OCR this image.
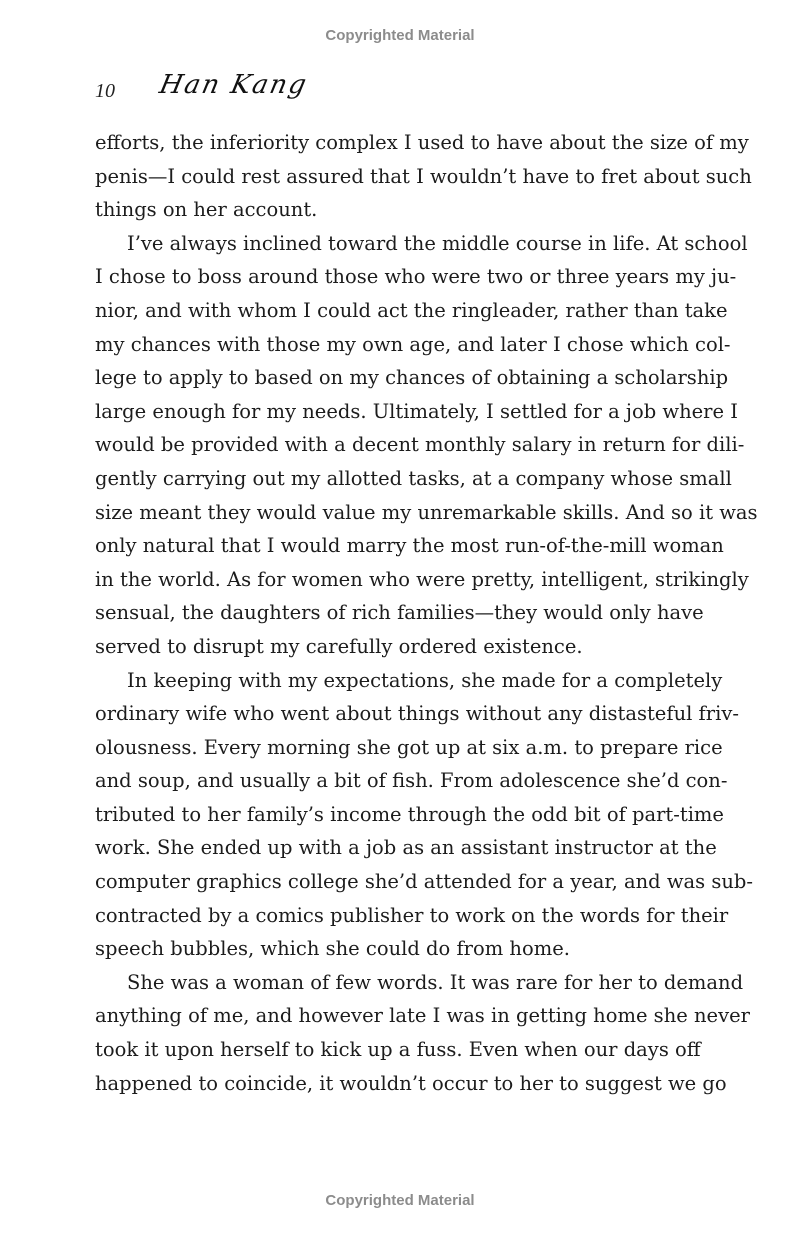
Copyrighted Material
10 Han Kang
efforts, the inferiority complex I used to have about the size of my
penis—I could rest assured that I wouldn’t have to fret about such
things on her account.
I’ve always inclined toward the middle course in life. At school
I chose to boss around those who were two or three years my ju-
nior, and with whom I could act the ringleader, rather than take
my chances with those my own age, and later I chose which col-
lege to apply to based on my chances of obtaining a scholarship
large enough for my needs. Ultimately, I settled for a job where I
would be provided with a decent monthly salary in return for dili-
gently carrying out my allotted tasks, at a company whose small
size meant they would value my unremarkable skills. And so it was
only natural that I would marry the most run-of-the-mill woman
in the world. As for women who were pretty, intelligent, strikingly
sensual, the daughters of rich families—they would only have
served to disrupt my carefully ordered existence.
In keeping with my expectations, she made for a completely
ordinary wife who went about things without any distasteful friv-
olousness. Every morning she got up at six a.m. to prepare rice
and soup, and usually a bit of fish. From adolescence she’d con-
tributed to her family’s income through the odd bit of part-time
work. She ended up with a job as an assistant instructor at the
computer graphics college she’d attended for a year, and was sub-
contracted by a comics publisher to work on the words for their
speech bubbles, which she could do from home.
She was a woman of few words. It was rare for her to demand
anything of me, and however late I was in getting home she never
took it upon herself to kick up a fuss. Even when our days off
happened to coincide, it wouldn’t occur to her to suggest we go
Copyrighted Material
